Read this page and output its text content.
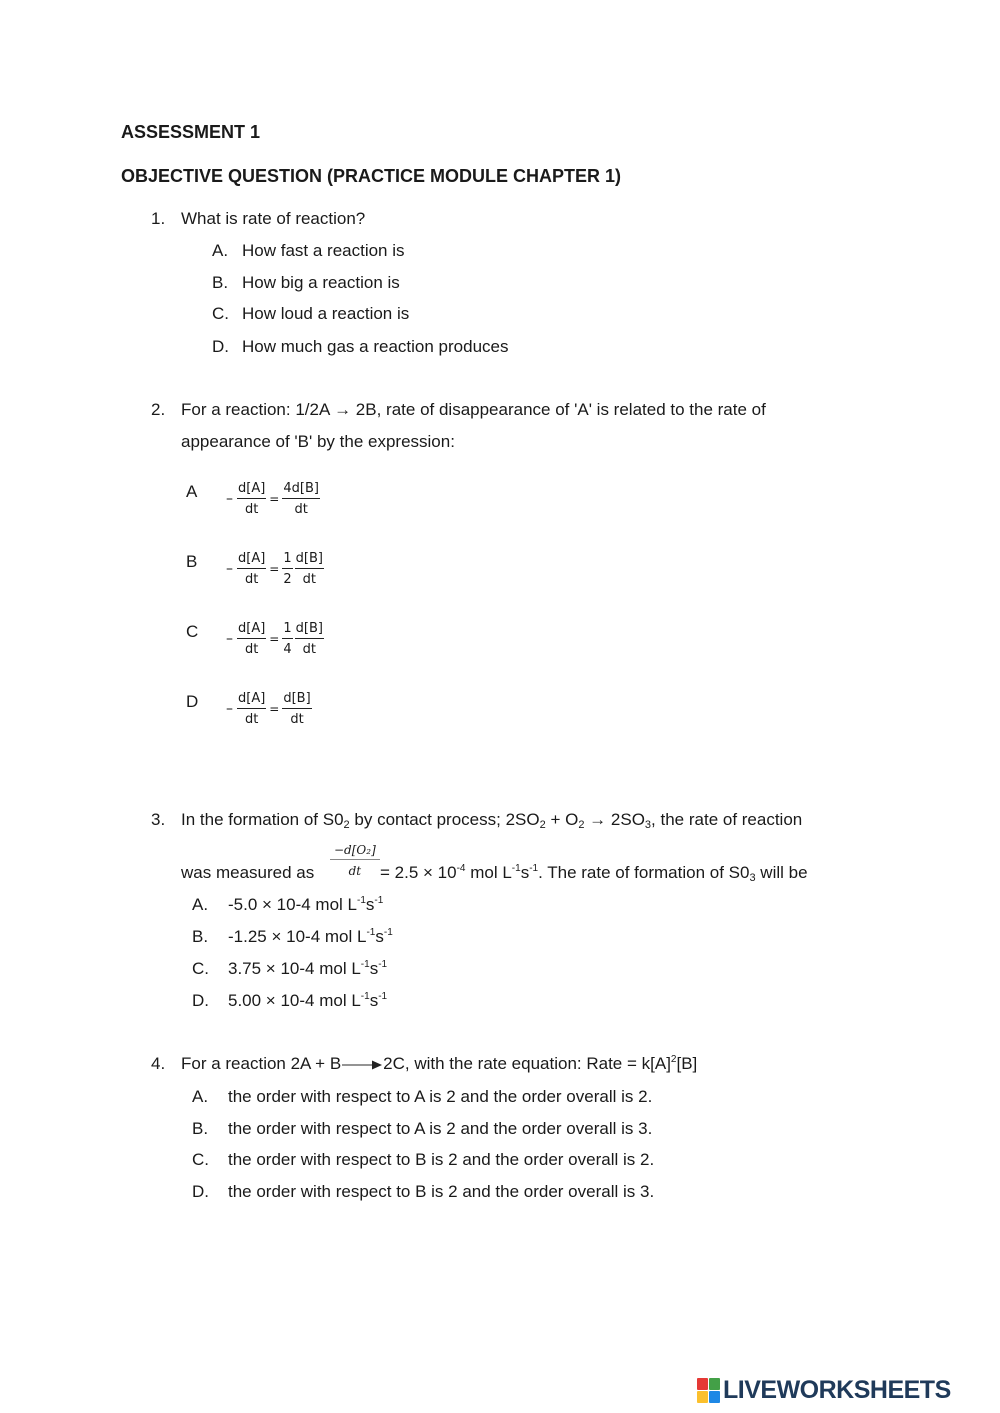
ASSESSMENT 1
OBJECTIVE QUESTION (PRACTICE MODULE CHAPTER 1)
1. What is rate of reaction?
A. How fast a reaction is
B. How big a reaction is
C. How loud a reaction is
D. How much gas a reaction produces
2. For a reaction: 1/2A → 2B, rate of disappearance of 'A' is related to the rate of
appearance of 'B' by the expression:
$A - \frac{d[A]}{dt} = \frac{4d[B]}{dt}$
$B - \frac{d[A]}{dt} = \frac{1}{2} \frac{d[B]}{dt}$
$C - \frac{d[A]}{dt} = \frac{1}{4} \frac{d[B]}{dt}$
$D - \frac{d[A]}{dt} = \frac{d[B]}{dt}$
3. In the formation of $S0_2$ by contact process; $2SO_2 + O_2 \to 2SO_3$, the rate of reaction
was measured as $\frac{\text{−d[O₂]}}{dt} = 2.5 \times 10^{-4}$ mol $L^{-1}s^{-1}$. The rate of formation of $S0_3$ will be
A. -5.0 × 10-4 mol $L^{-1}s^{-1}$
B. -1.25 × 10-4 mol $L^{-1}s^{-1}$
C. 3.75 × 10-4 mol $L^{-1}s^{-1}$
D. 5.00 × 10-4 mol $L^{-1}s^{-1}$
4. For a reaction 2A + B→2C, with the rate equation: Rate = $k[A]^2[B]$
A. the order with respect to A is 2 and the order overall is 2.
B. the order with respect to A is 2 and the order overall is 3.
C. the order with respect to B is 2 and the order overall is 2.
D. the order with respect to B is 2 and the order overall is 3.
LIVEWORKSHEETS
